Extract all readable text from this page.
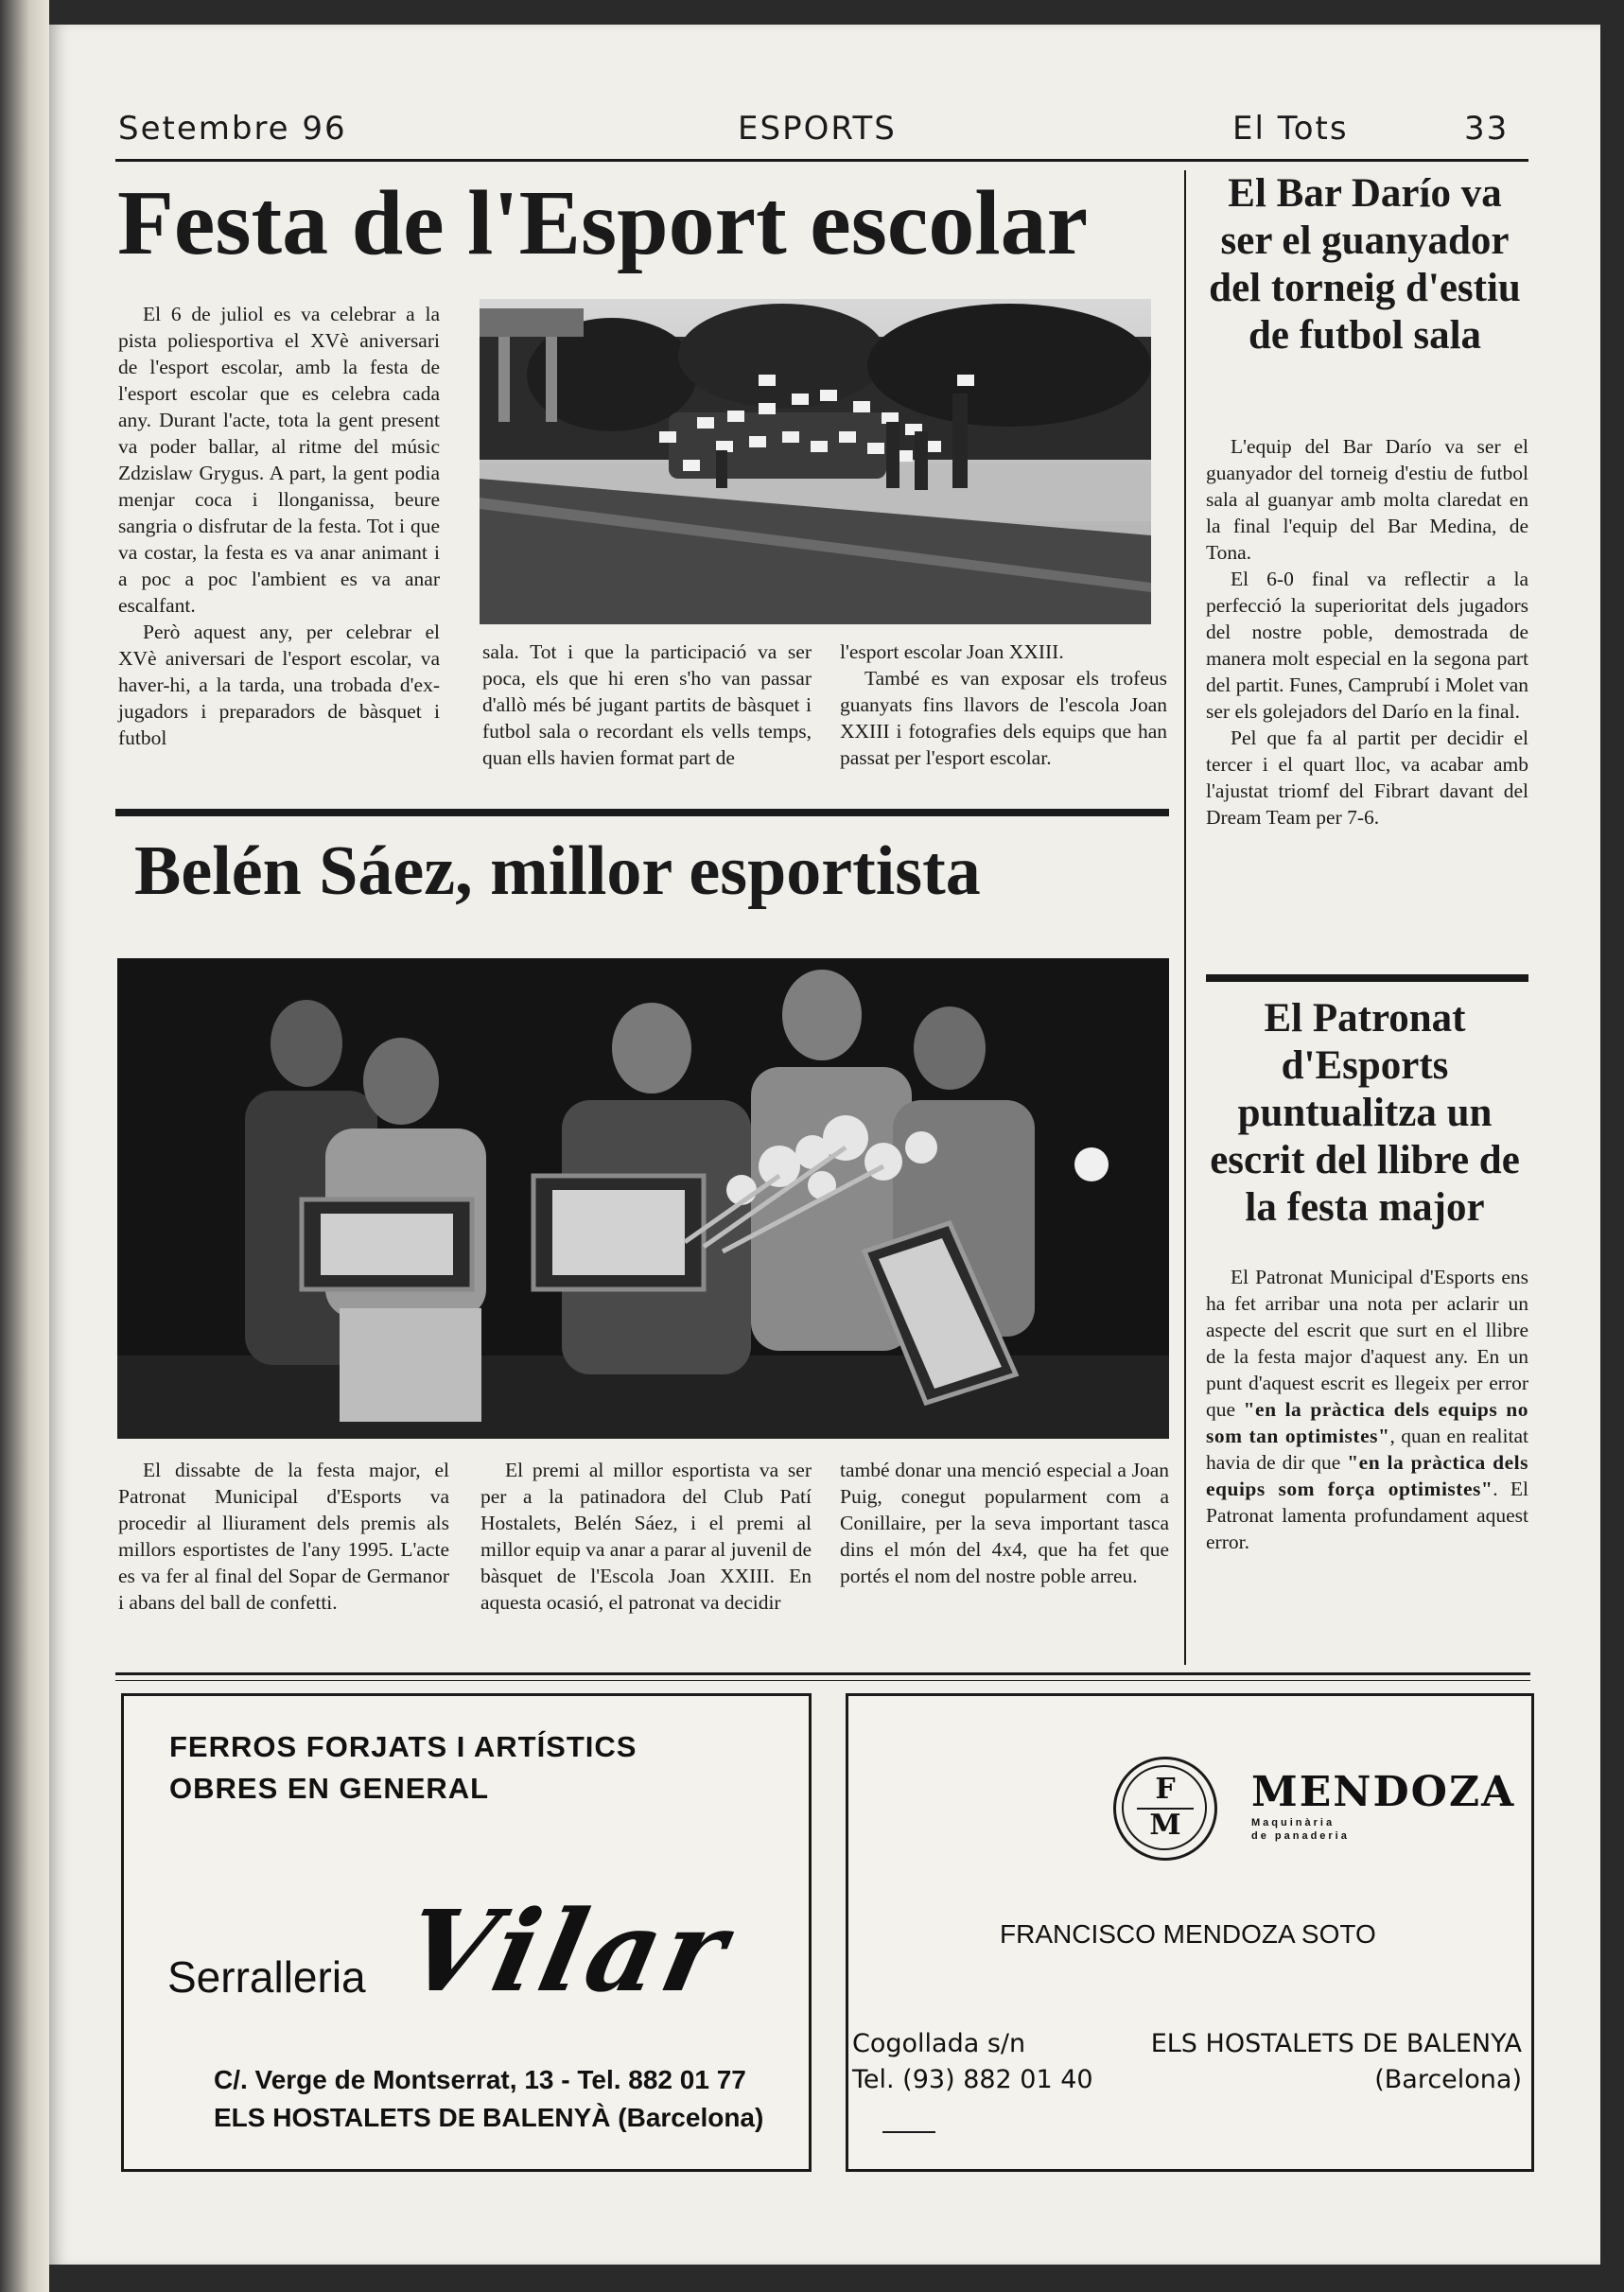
Setembre 96	ESPORTS	El Tots	33
Festa de l'Esport escolar

El 6 de juliol es va celebrar a la pista poliesportiva el XVè aniversari de l'esport escolar, amb la festa de l'esport escolar que es celebra cada any. Durant l'acte, tota la gent present va poder ballar, al ritme del músic Zdzislaw Grygus. A part, la gent podia menjar coca i llonganissa, beure sangria o disfrutar de la festa. Tot i que va costar, la festa es va anar animant i a poc a poc l'ambient es va anar escalfant.

Però aquest any, per celebrar el XVè aniversari de l'esport escolar, va haver-hi, a la tarda, una trobada d'ex-jugadors i preparadors de bàsquet i futbol

sala. Tot i que la participació va ser poca, els que hi eren s'ho van passar d'allò més bé jugant partits de bàsquet i futbol sala o recordant els vells temps, quan ells havien format part de

l'esport escolar Joan XXIII.

També es van exposar els trofeus guanyats fins llavors de l'escola Joan XXIII i fotografies dels equips que han passat per l'esport escolar.

Belén Sáez, millor esportista

El dissabte de la festa major, el Patronat Municipal d'Esports va procedir al lliurament dels premis als millors esportistes de l'any 1995. L'acte es va fer al final del Sopar de Germanor i abans del ball de confetti.

El premi al millor esportista va ser per a la patinadora del Club Patí Hostalets, Belén Sáez, i el premi al millor equip va anar a parar al juvenil de bàsquet de l'Escola Joan XXIII. En aquesta ocasió, el patronat va decidir

també donar una menció especial a Joan Puig, conegut popularment com a Conillaire, per la seva important tasca dins el món del 4x4, que ha fet que portés el nom del nostre poble arreu.

El Bar Darío va ser el guanyador del torneig d'estiu de futbol sala

L'equip del Bar Darío va ser el guanyador del torneig d'estiu de futbol sala al guanyar amb molta claredat en la final l'equip del Bar Medina, de Tona.

El 6-0 final va reflectir a la perfecció la superioritat dels jugadors del nostre poble, demostrada de manera molt especial en la segona part del partit. Funes, Camprubí i Molet van ser els golejadors del Darío en la final.

Pel que fa al partit per decidir el tercer i el quart lloc, va acabar amb l'ajustat triomf del Fibrart davant del Dream Team per 7-6.

El Patronat d'Esports puntualitza un escrit del llibre de la festa major

El Patronat Municipal d'Esports ens ha fet arribar una nota per aclarir un aspecte del escrit que surt en el llibre de la festa major d'aquest any. En un punt d'aquest escrit es llegeix per error que "en la pràctica dels equips no som tan optimistes", quan en realitat havia de dir que "en la pràctica dels equips som força optimistes". El Patronat lamenta profundament aquest error.

FERROS FORJATS I ARTÍSTICS
OBRES EN GENERAL
Serralleria Vilar
C/. Verge de Montserrat, 13 - Tel. 882 01 77
ELS HOSTALETS DE BALENYÀ (Barcelona)
F
M
MENDOZA
Maquinària
de panaderia
FRANCISCO MENDOZA SOTO
Cogollada s/n
Tel. (93) 882 01 40
ELS HOSTALETS DE BALENYA
(Barcelona)
